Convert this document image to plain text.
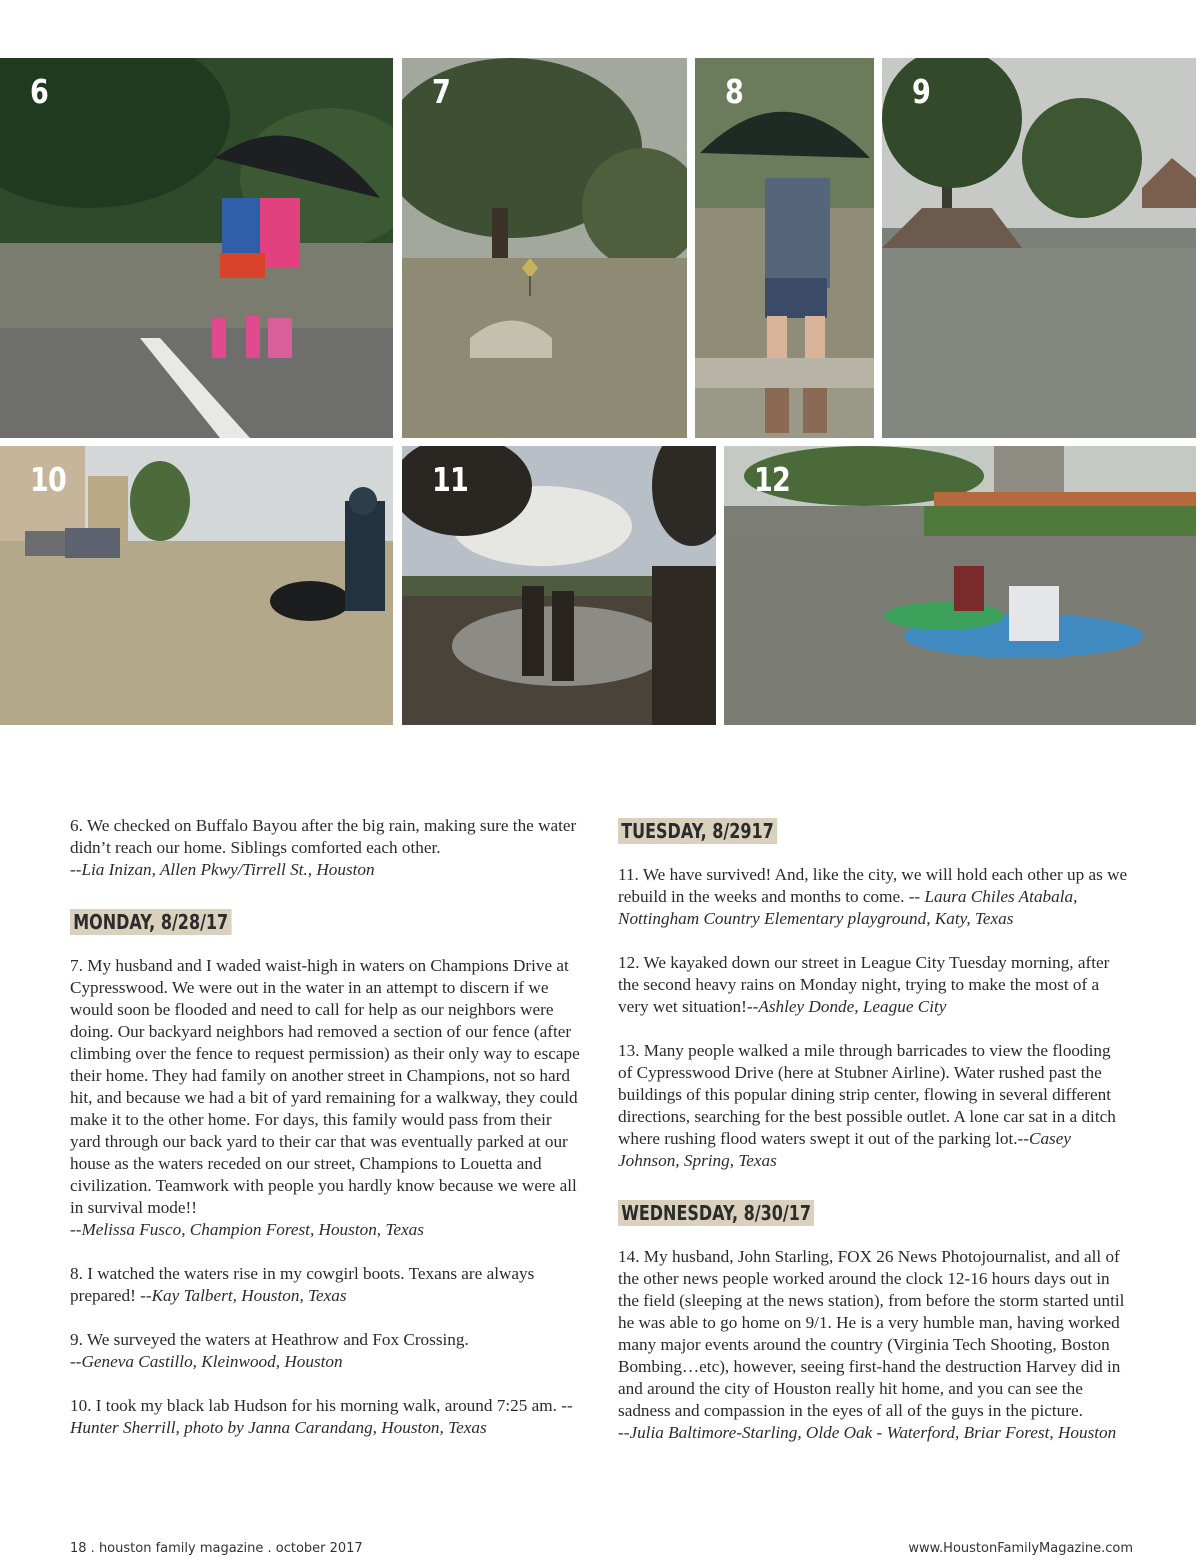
6	7	8	9
10	11	12

6. We checked on Buffalo Bayou after the big rain, making sure the water didn’t reach our home. Siblings comforted each other.
--Lia Inizan, Allen Pkwy/Tirrell St., Houston

MONDAY, 8/28/17

7. My husband and I waded waist-high in waters on Champions Drive at Cypresswood. We were out in the water in an attempt to discern if we would soon be flooded and need to call for help as our neighbors were doing. Our backyard neighbors had removed a section of our fence (after climbing over the fence to request permission) as their only way to escape their home. They had family on another street in Champions, not so hard hit, and because we had a bit of yard remaining for a walkway, they could make it to the other home. For days, this family would pass from their yard through our back yard to their car that was eventually parked at our house as the waters receded on our street, Champions to Louetta and civilization. Teamwork with people you hardly know because we were all in survival mode!!
--Melissa Fusco, Champion Forest, Houston, Texas

8. I watched the waters rise in my cowgirl boots. Texans are always prepared! --Kay Talbert, Houston, Texas

9. We surveyed the waters at Heathrow and Fox Crossing.
--Geneva Castillo, Kleinwood, Houston

10. I took my black lab Hudson for his morning walk, around 7:25 am. --Hunter Sherrill, photo by Janna Carandang, Houston, Texas

TUESDAY, 8/2917

11. We have survived! And, like the city, we will hold each other up as we rebuild in the weeks and months to come. -- Laura Chiles Atabala, Nottingham Country Elementary playground, Katy, Texas

12. We kayaked down our street in League City Tuesday morning, after the second heavy rains on Monday night, trying to make the most of a very wet situation!--Ashley Donde, League City

13. Many people walked a mile through barricades to view the flooding of Cypresswood Drive (here at Stubner Airline). Water rushed past the buildings of this popular dining strip center, flowing in several different directions, searching for the best possible outlet. A lone car sat in a ditch where rushing flood waters swept it out of the parking lot.--Casey Johnson, Spring, Texas

WEDNESDAY, 8/30/17

14. My husband, John Starling, FOX 26 News Photojournalist, and all of the other news people worked around the clock 12-16 hours days out in the field (sleeping at the news station), from before the storm started until he was able to go home on 9/1. He is a very humble man, having worked many major events around the country (Virginia Tech Shooting, Boston Bombing…etc), however, seeing first-hand the destruction Harvey did in and around the city of Houston really hit home, and you can see the sadness and compassion in the eyes of all of the guys in the picture.
--Julia Baltimore-Starling, Olde Oak - Waterford, Briar Forest, Houston

18 . houston family magazine . october 2017	www.HoustonFamilyMagazine.com
